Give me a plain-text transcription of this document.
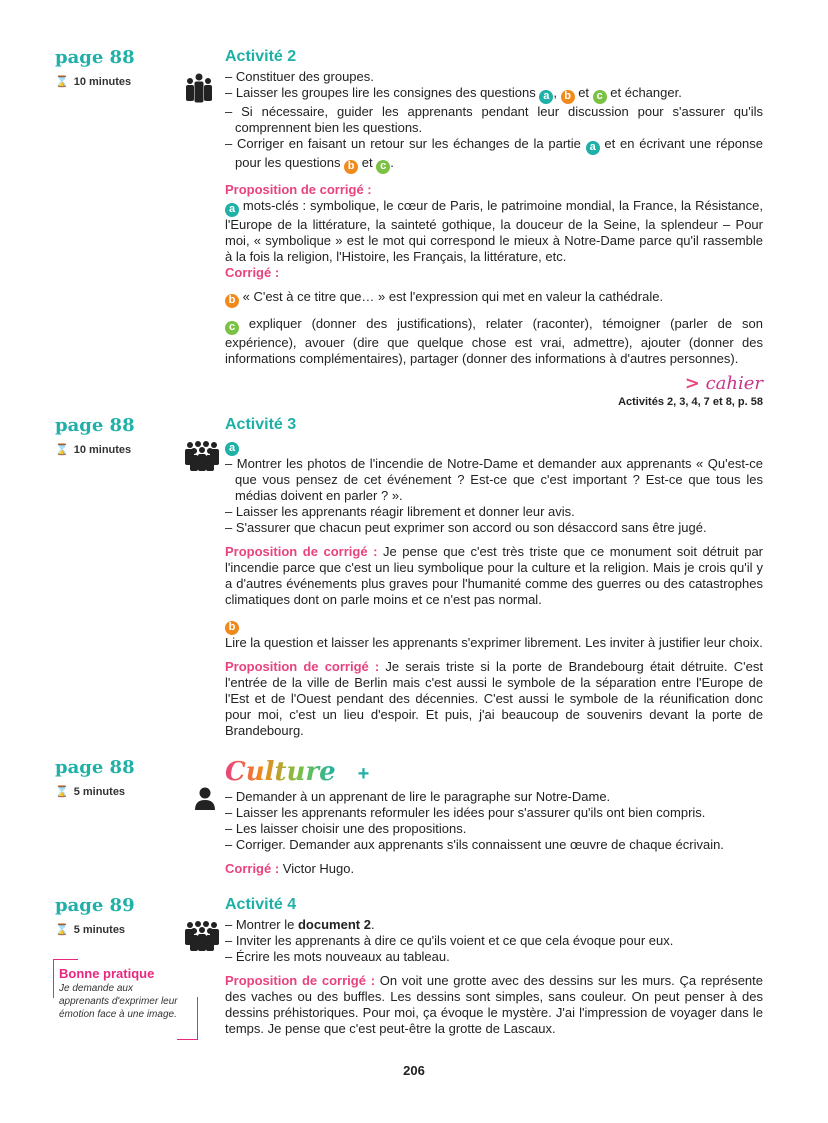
page 88
⌛ 10 minutes
Activité 2
– Constituer des groupes.
– Laisser les groupes lire les consignes des questions a , b et c et échanger.
– Si nécessaire, guider les apprenants pendant leur discussion pour s'assurer qu'ils comprennent bien les questions.
– Corriger en faisant un retour sur les échanges de la partie a et en écrivant une réponse pour les questions b et c .
Proposition de corrigé :
a mots-clés : symbolique, le cœur de Paris, le patrimoine mondial, la France, la Résistance, l'Europe de la littérature, la sainteté gothique, la douceur de la Seine, la splendeur – Pour moi, « symbolique » est le mot qui correspond le mieux à Notre-Dame parce qu'il rassemble à la fois la religion, l'Histoire, les Français, la littérature, etc.
Corrigé :
b « C'est à ce titre que… » est l'expression qui met en valeur la cathédrale.
c expliquer (donner des justifications), relater (raconter), témoigner (parler de son expérience), avouer (dire que quelque chose est vrai, admettre), ajouter (donner des informations complémentaires), partager (donner des informations à d'autres personnes).
> cahier
Activités 2, 3, 4, 7 et 8, p. 58
page 88
⌛ 10 minutes
Activité 3
a
– Montrer les photos de l'incendie de Notre-Dame et demander aux apprenants « Qu'est-ce que vous pensez de cet événement ? Est-ce que c'est important ? Est-ce que tous les médias doivent en parler ? ».
– Laisser les apprenants réagir librement et donner leur avis.
– S'assurer que chacun peut exprimer son accord ou son désaccord sans être jugé.
Proposition de corrigé : Je pense que c'est très triste que ce monument soit détruit par l'incendie parce que c'est un lieu symbolique pour la culture et la religion. Mais je crois qu'il y a d'autres événements plus graves pour l'humanité comme des guerres ou des catastrophes climatiques dont on parle moins et ce n'est pas normal.
b
Lire la question et laisser les apprenants s'exprimer librement. Les inviter à justifier leur choix.
Proposition de corrigé : Je serais triste si la porte de Brandebourg était détruite. C'est l'entrée de la ville de Berlin mais c'est aussi le symbole de la séparation entre l'Europe de l'Est et de l'Ouest pendant des décennies. C'est aussi le symbole de la réunification donc pour moi, c'est un lieu d'espoir. Et puis, j'ai beaucoup de souvenirs devant la porte de Brandebourg.
page 88
⌛ 5 minutes
Culture +
– Demander à un apprenant de lire le paragraphe sur Notre-Dame.
– Laisser les apprenants reformuler les idées pour s'assurer qu'ils ont bien compris.
– Les laisser choisir une des propositions.
– Corriger. Demander aux apprenants s'ils connaissent une œuvre de chaque écrivain.
Corrigé : Victor Hugo.
Bonne pratique
Je demande aux apprenants d'exprimer leur émotion face à une image.
page 89
⌛ 5 minutes
Activité 4
– Montrer le document 2.
– Inviter les apprenants à dire ce qu'ils voient et ce que cela évoque pour eux.
– Écrire les mots nouveaux au tableau.
Proposition de corrigé : On voit une grotte avec des dessins sur les murs. Ça représente des vaches ou des buffles. Les dessins sont simples, sans couleur. On peut penser à des dessins préhistoriques. Pour moi, ça évoque le mystère. J'ai l'impression de voyager dans le temps. Je pense que c'est peut-être la grotte de Lascaux.
206
